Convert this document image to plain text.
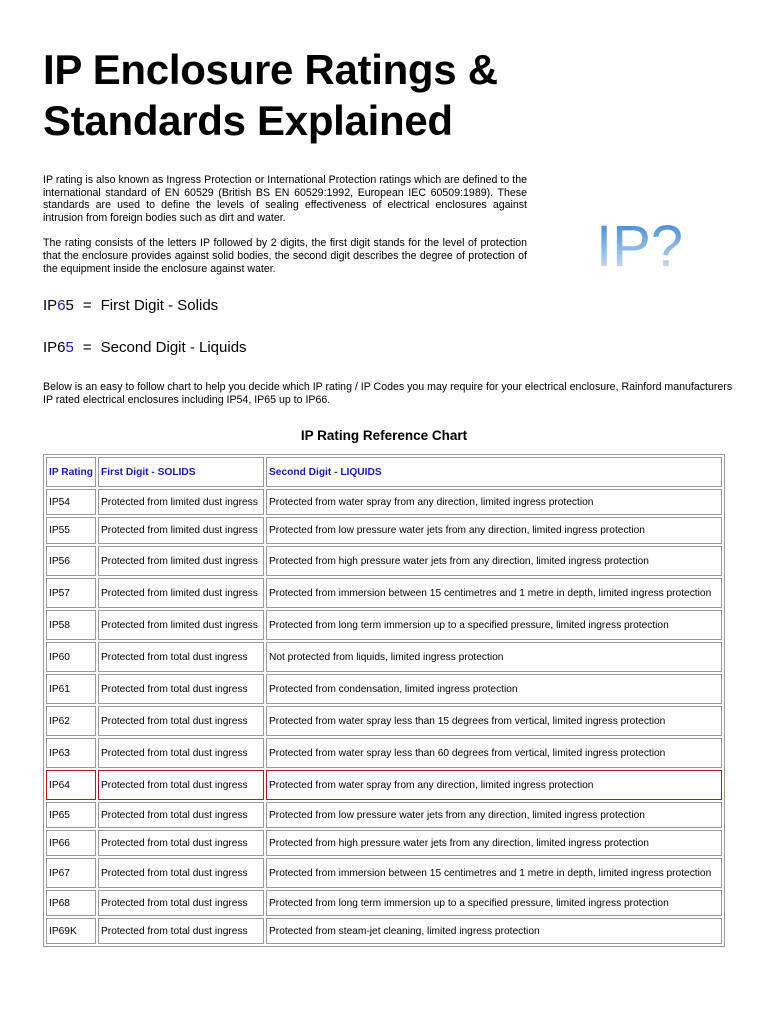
IP Enclosure Ratings &
Standards Explained

IP rating is also known as Ingress Protection or International Protection ratings which are defined to the international standard of EN 60529 (British BS EN 60529:1992, European IEC 60509:1989). These standards are used to define the levels of sealing effectiveness of electrical enclosures against intrusion from foreign bodies such as dirt and water.

The rating consists of the letters IP followed by 2 digits, the first digit stands for the level of protection that the enclosure provides against solid bodies, the second digit describes the degree of protection of the equipment inside the enclosure against water.	IP?

IP65 = First Digit - Solids

IP65 = Second Digit - Liquids

Below is an easy to follow chart to help you decide which IP rating / IP Codes you may require for your electrical enclosure, Rainford manufacturers IP rated electrical enclosures including IP54, IP65 up to IP66.

IP Rating Reference Chart

IP Rating	First Digit - SOLIDS	Second Digit - LIQUIDS
IP54	Protected from limited dust ingress	Protected from water spray from any direction, limited ingress protection
IP55	Protected from limited dust ingress	Protected from low pressure water jets from any direction, limited ingress protection
IP56	Protected from limited dust ingress	Protected from high pressure water jets from any direction, limited ingress protection
IP57	Protected from limited dust ingress	Protected from immersion between 15 centimetres and 1 metre in depth, limited ingress protection
IP58	Protected from limited dust ingress	Protected from long term immersion up to a specified pressure, limited ingress protection
IP60	Protected from total dust ingress	Not protected from liquids, limited ingress protection
IP61	Protected from total dust ingress	Protected from condensation, limited ingress protection
IP62	Protected from total dust ingress	Protected from water spray less than 15 degrees from vertical, limited ingress protection
IP63	Protected from total dust ingress	Protected from water spray less than 60 degrees from vertical, limited ingress protection
IP64	Protected from total dust ingress	Protected from water spray from any direction, limited ingress protection
IP65	Protected from total dust ingress	Protected from low pressure water jets from any direction, limited ingress protection
IP66	Protected from total dust ingress	Protected from high pressure water jets from any direction, limited ingress protection
IP67	Protected from total dust ingress	Protected from immersion between 15 centimetres and 1 metre in depth, limited ingress protection
IP68	Protected from total dust ingress	Protected from long term immersion up to a specified pressure, limited ingress protection
IP69K	Protected from total dust ingress	Protected from steam-jet cleaning, limited ingress protection
